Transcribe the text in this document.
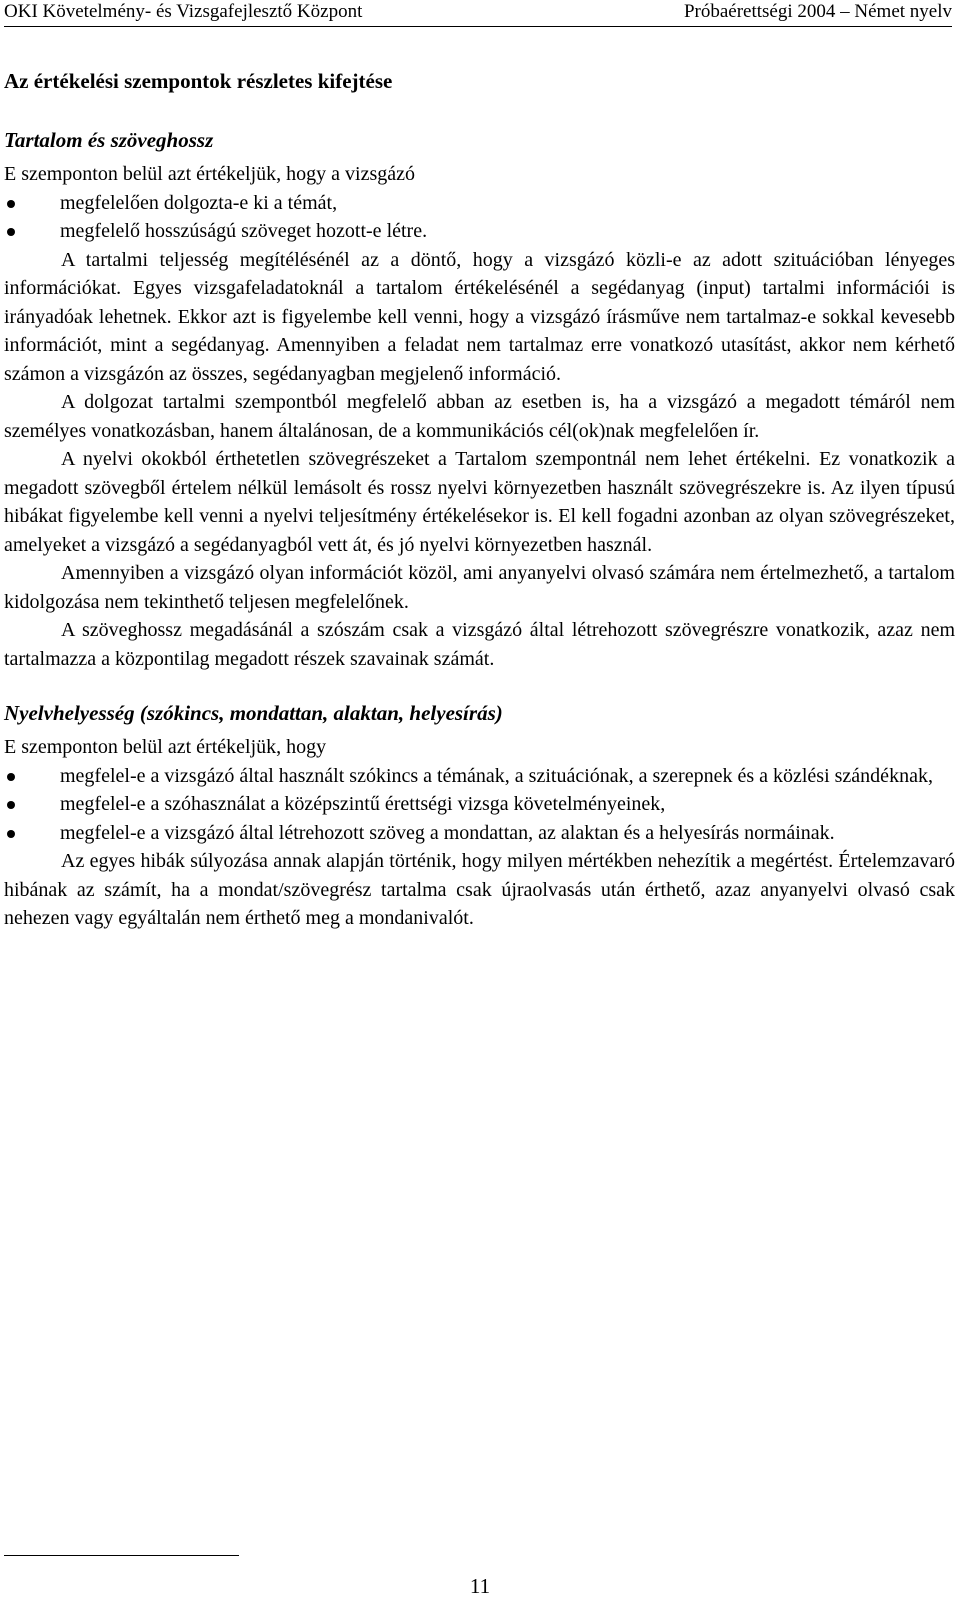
OKI Követelmény- és Vizsgafejlesztő Központ	Próbaérettségi 2004 – Német nyelv
Az értékelési szempontok részletes kifejtése
Tartalom és szöveghossz
E szemponton belül azt értékeljük, hogy a vizsgázó
megfelelően dolgozta-e ki a témát,
megfelelő hosszúságú szöveget hozott-e létre.

A tartalmi teljesség megítélésénél az a döntő, hogy a vizsgázó közli-e az adott szituációban lényeges információkat. Egyes vizsgafeladatoknál a tartalom értékelésénél a segédanyag (input) tartalmi információi is irányadóak lehetnek. Ekkor azt is figyelembe kell venni, hogy a vizsgázó írásműve nem tartalmaz-e sokkal kevesebb információt, mint a segédanyag. Amennyiben a feladat nem tartalmaz erre vonatkozó utasítást, akkor nem kérhető számon a vizsgázón az összes, segédanyagban megjelenő információ.

A dolgozat tartalmi szempontból megfelelő abban az esetben is, ha a vizsgázó a megadott témáról nem személyes vonatkozásban, hanem általánosan, de a kommunikációs cél(ok)nak megfelelően ír.

A nyelvi okokból érthetetlen szövegrészeket a Tartalom szempontnál nem lehet értékelni. Ez vonatkozik a megadott szövegből értelem nélkül lemásolt és rossz nyelvi környezetben használt szövegrészekre is. Az ilyen típusú hibákat figyelembe kell venni a nyelvi teljesítmény értékelésekor is. El kell fogadni azonban az olyan szövegrészeket, amelyeket a vizsgázó a segédanyagból vett át, és jó nyelvi környezetben használ.

Amennyiben a vizsgázó olyan információt közöl, ami anyanyelvi olvasó számára nem értelmezhető, a tartalom kidolgozása nem tekinthető teljesen megfelelőnek.

A szöveghossz megadásánál a szószám csak a vizsgázó által létrehozott szövegrészre vonatkozik, azaz nem tartalmazza a központilag megadott részek szavainak számát.

Nyelvhelyesség (szókincs, mondattan, alaktan, helyesírás)
E szemponton belül azt értékeljük, hogy
megfelel-e a vizsgázó által használt szókincs a témának, a szituációnak, a szerepnek és a közlési szándéknak,
megfelel-e a szóhasználat a középszintű érettségi vizsga követelményeinek,
megfelel-e a vizsgázó által létrehozott szöveg a mondattan, az alaktan és a helyesírás normáinak.

Az egyes hibák súlyozása annak alapján történik, hogy milyen mértékben nehezítik a megértést. Értelemzavaró hibának az számít, ha a mondat/szövegrész tartalma csak újraolvasás után érthető, azaz anyanyelvi olvasó csak nehezen vagy egyáltalán nem érthető meg a mondanivalót.

11
